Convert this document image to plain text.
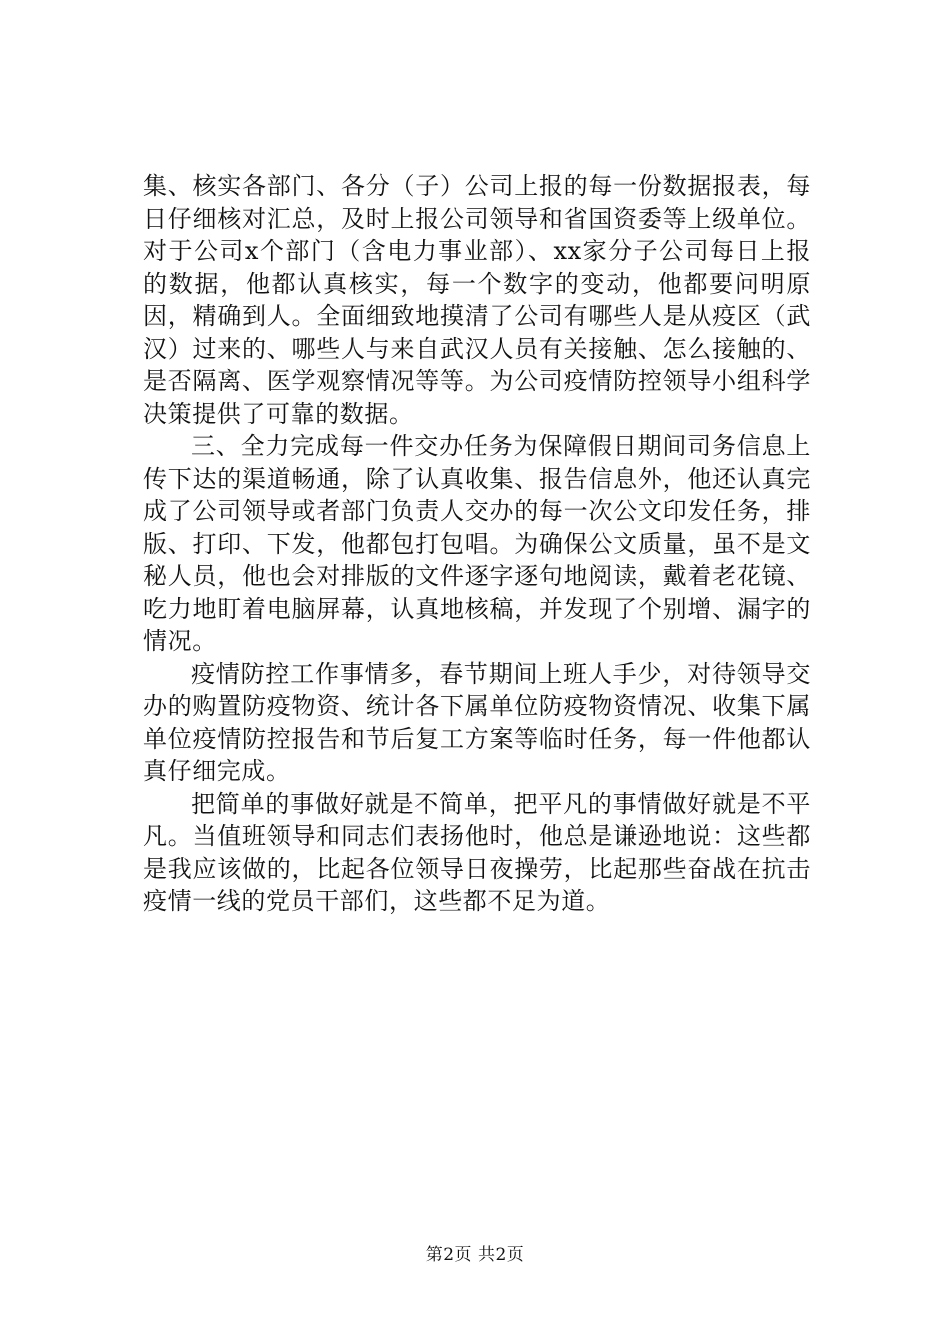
集、核实各部门、各分（子）公司上报的每一份数据报表，每日仔细核对汇总，及时上报公司领导和省国资委等上级单位。对于公司x个部门（含电力事业部）、xx家分子公司每日上报的数据，他都认真核实，每一个数字的变动，他都要问明原因，精确到人。全面细致地摸清了公司有哪些人是从疫区（武汉）过来的、哪些人与来自武汉人员有关接触、怎么接触的、是否隔离、医学观察情况等等。为公司疫情防控领导小组科学决策提供了可靠的数据。

三、全力完成每一件交办任务为保障假日期间司务信息上传下达的渠道畅通，除了认真收集、报告信息外，他还认真完成了公司领导或者部门负责人交办的每一次公文印发任务，排版、打印、下发，他都包打包唱。为确保公文质量，虽不是文秘人员，他也会对排版的文件逐字逐句地阅读，戴着老花镜、吃力地盯着电脑屏幕，认真地核稿，并发现了个别增、漏字的情况。

疫情防控工作事情多，春节期间上班人手少，对待领导交办的购置防疫物资、统计各下属单位防疫物资情况、收集下属单位疫情防控报告和节后复工方案等临时任务，每一件他都认真仔细完成。

把简单的事做好就是不简单，把平凡的事情做好就是不平凡。当值班领导和同志们表扬他时，他总是谦逊地说：这些都是我应该做的，比起各位领导日夜操劳，比起那些奋战在抗击疫情一线的党员干部们，这些都不足为道。

第2页 共2页
